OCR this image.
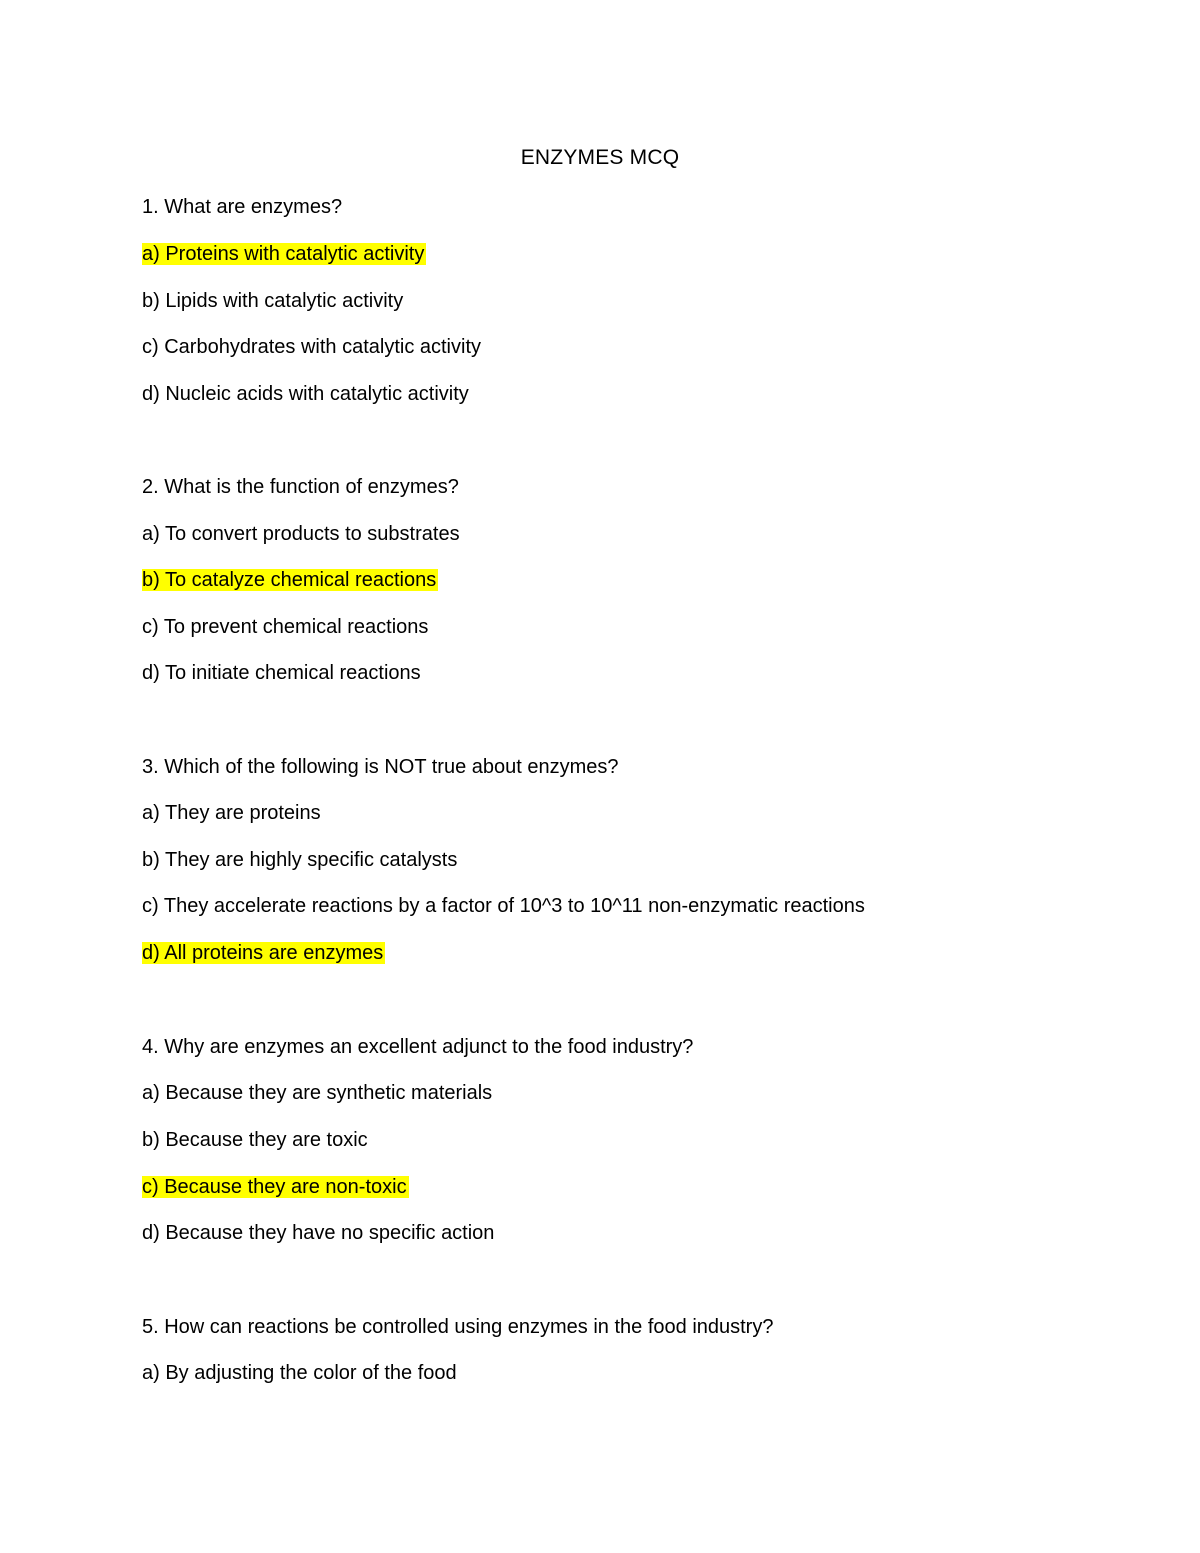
ENZYMES MCQ
1. What are enzymes?
a) Proteins with catalytic activity
b) Lipids with catalytic activity
c) Carbohydrates with catalytic activity
d) Nucleic acids with catalytic activity
2. What is the function of enzymes?
a) To convert products to substrates
b) To catalyze chemical reactions
c) To prevent chemical reactions
d) To initiate chemical reactions
3. Which of the following is NOT true about enzymes?
a) They are proteins
b) They are highly specific catalysts
c) They accelerate reactions by a factor of 10^3 to 10^11 non-enzymatic reactions
d) All proteins are enzymes
4. Why are enzymes an excellent adjunct to the food industry?
a) Because they are synthetic materials
b) Because they are toxic
c) Because they are non-toxic
d) Because they have no specific action
5. How can reactions be controlled using enzymes in the food industry?
a) By adjusting the color of the food
